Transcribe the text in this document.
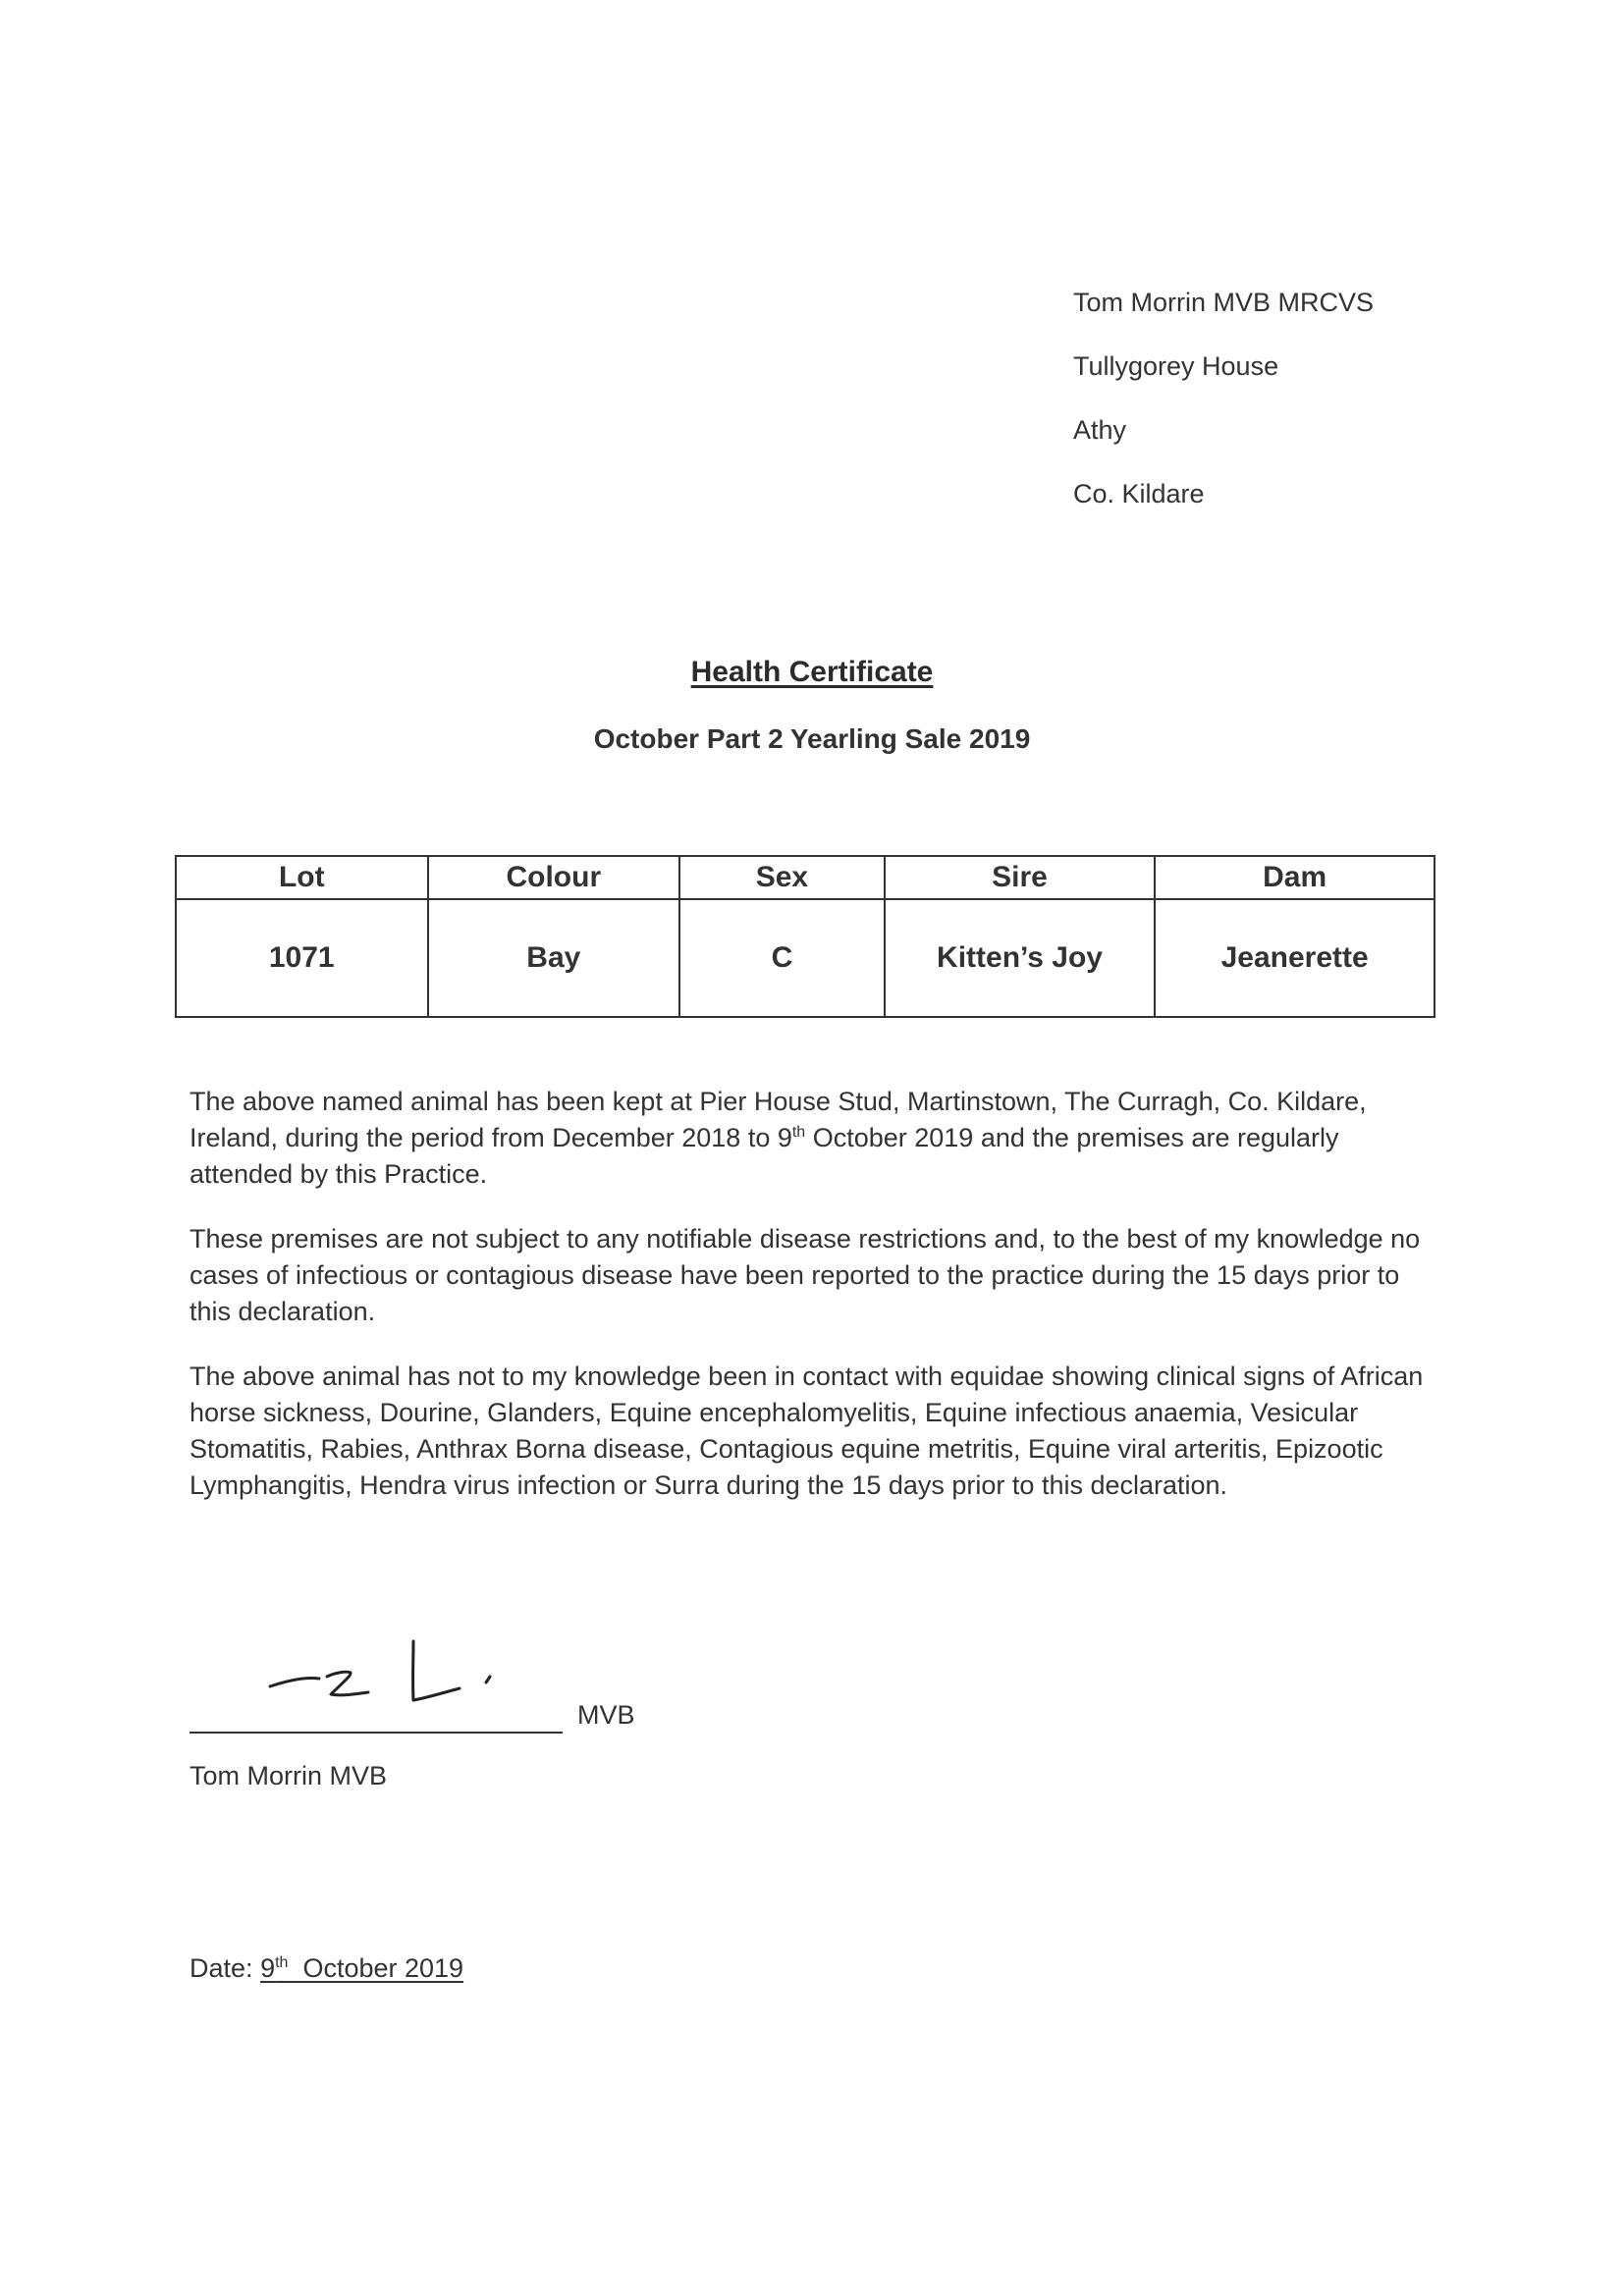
Tom Morrin MVB MRCVS
Tullygorey House
Athy
Co. Kildare
Health Certificate
October Part 2 Yearling Sale 2019
Lot	Colour	Sex	Sire	Dam
1071	Bay	C	Kitten’s Joy	Jeanerette

The above named animal has been kept at Pier House Stud, Martinstown, The Curragh, Co. Kildare, Ireland, during the period from December 2018 to 9th October 2019 and the premises are regularly attended by this Practice.

These premises are not subject to any notifiable disease restrictions and, to the best of my knowledge no cases of infectious or contagious disease have been reported to the practice during the 15 days prior to this declaration.

The above animal has not to my knowledge been in contact with equidae showing clinical signs of African horse sickness, Dourine, Glanders, Equine encephalomyelitis, Equine infectious anaemia, Vesicular Stomatitis, Rabies, Anthrax Borna disease, Contagious equine metritis, Equine viral arteritis, Epizootic Lymphangitis, Hendra virus infection or Surra during the 15 days prior to this declaration.

MVB
Tom Morrin MVB
Date: 9th  October 2019
